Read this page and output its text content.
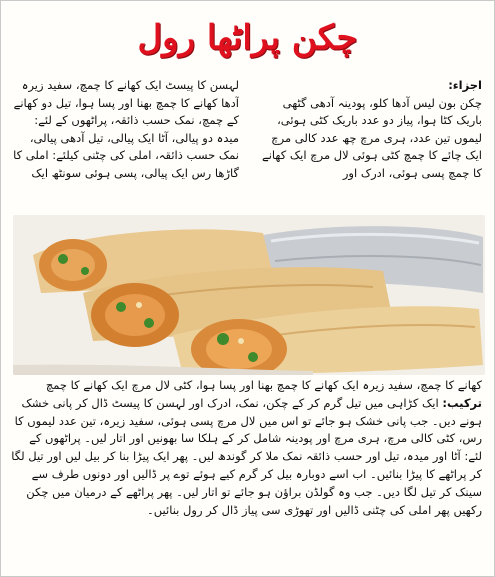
چکن پراٹھا رول
اجزاء:
چکن بون لیس آدھا کلو، پودینہ آدھی گٹھی باریک کٹا ہوا، پیاز دو عدد باریک کٹی ہوئی، لیموں تین عدد، ہری مرچ چھ عدد کالی مرچ ایک چائے کا چمچ کٹی ہوئی لال مرچ ایک کھانے کا چمچ پسی ہوئی، ادرک اور
لہسن کا پیسٹ ایک کھانے کا چمچ، سفید زیرہ آدھا کھانے کا چمچ بھنا اور پسا ہوا، تیل دو کھانے کے چمچ، نمک حسب ذائقہ، پراٹھوں کے لئے: میدہ دو پیالی، آٹا ایک پیالی، تیل آدھی پیالی، نمک حسب ذائقہ، املی کی چٹنی کیلئے: املی کا گاڑھا رس ایک پیالی، پسی ہوئی سونٹھ ایک

کھانے کا چمچ، سفید زیرہ ایک کھانے کا چمچ بھنا اور پسا ہوا، کٹی لال مرچ ایک کھانے کا چمچ

ترکیب: ایک کڑاہی میں تیل گرم کر کے چکن، نمک، ادرک اور لہسن کا پیسٹ ڈال کر پانی خشک ہونے دیں۔ جب پانی خشک ہو جائے تو اس میں لال مرچ پسی ہوئی، سفید زیرہ، تین عدد لیموں کا رس، کٹی کالی مرچ، ہری مرچ اور پودینہ شامل کر کے ہلکا سا بھونیں اور اتار لیں۔ پراٹھوں کے لئے: آٹا اور میدہ، تیل اور حسب ذائقہ نمک ملا کر گوندھ لیں۔ پھر ایک پیڑا بنا کر بیل لیں اور تیل لگا کر پراٹھے کا پیڑا بنائیں۔ اب اسے دوبارہ بیل کر گرم کیے ہوئے توے پر ڈالیں اور دونوں طرف سے سینک کر تیل لگا دیں۔ جب وہ گولڈن براؤن ہو جائے تو اتار لیں۔ پھر پراٹھے کے درمیان میں چکن رکھیں پھر املی کی چٹنی ڈالیں اور تھوڑی سی پیاز ڈال کر رول بنائیں۔
